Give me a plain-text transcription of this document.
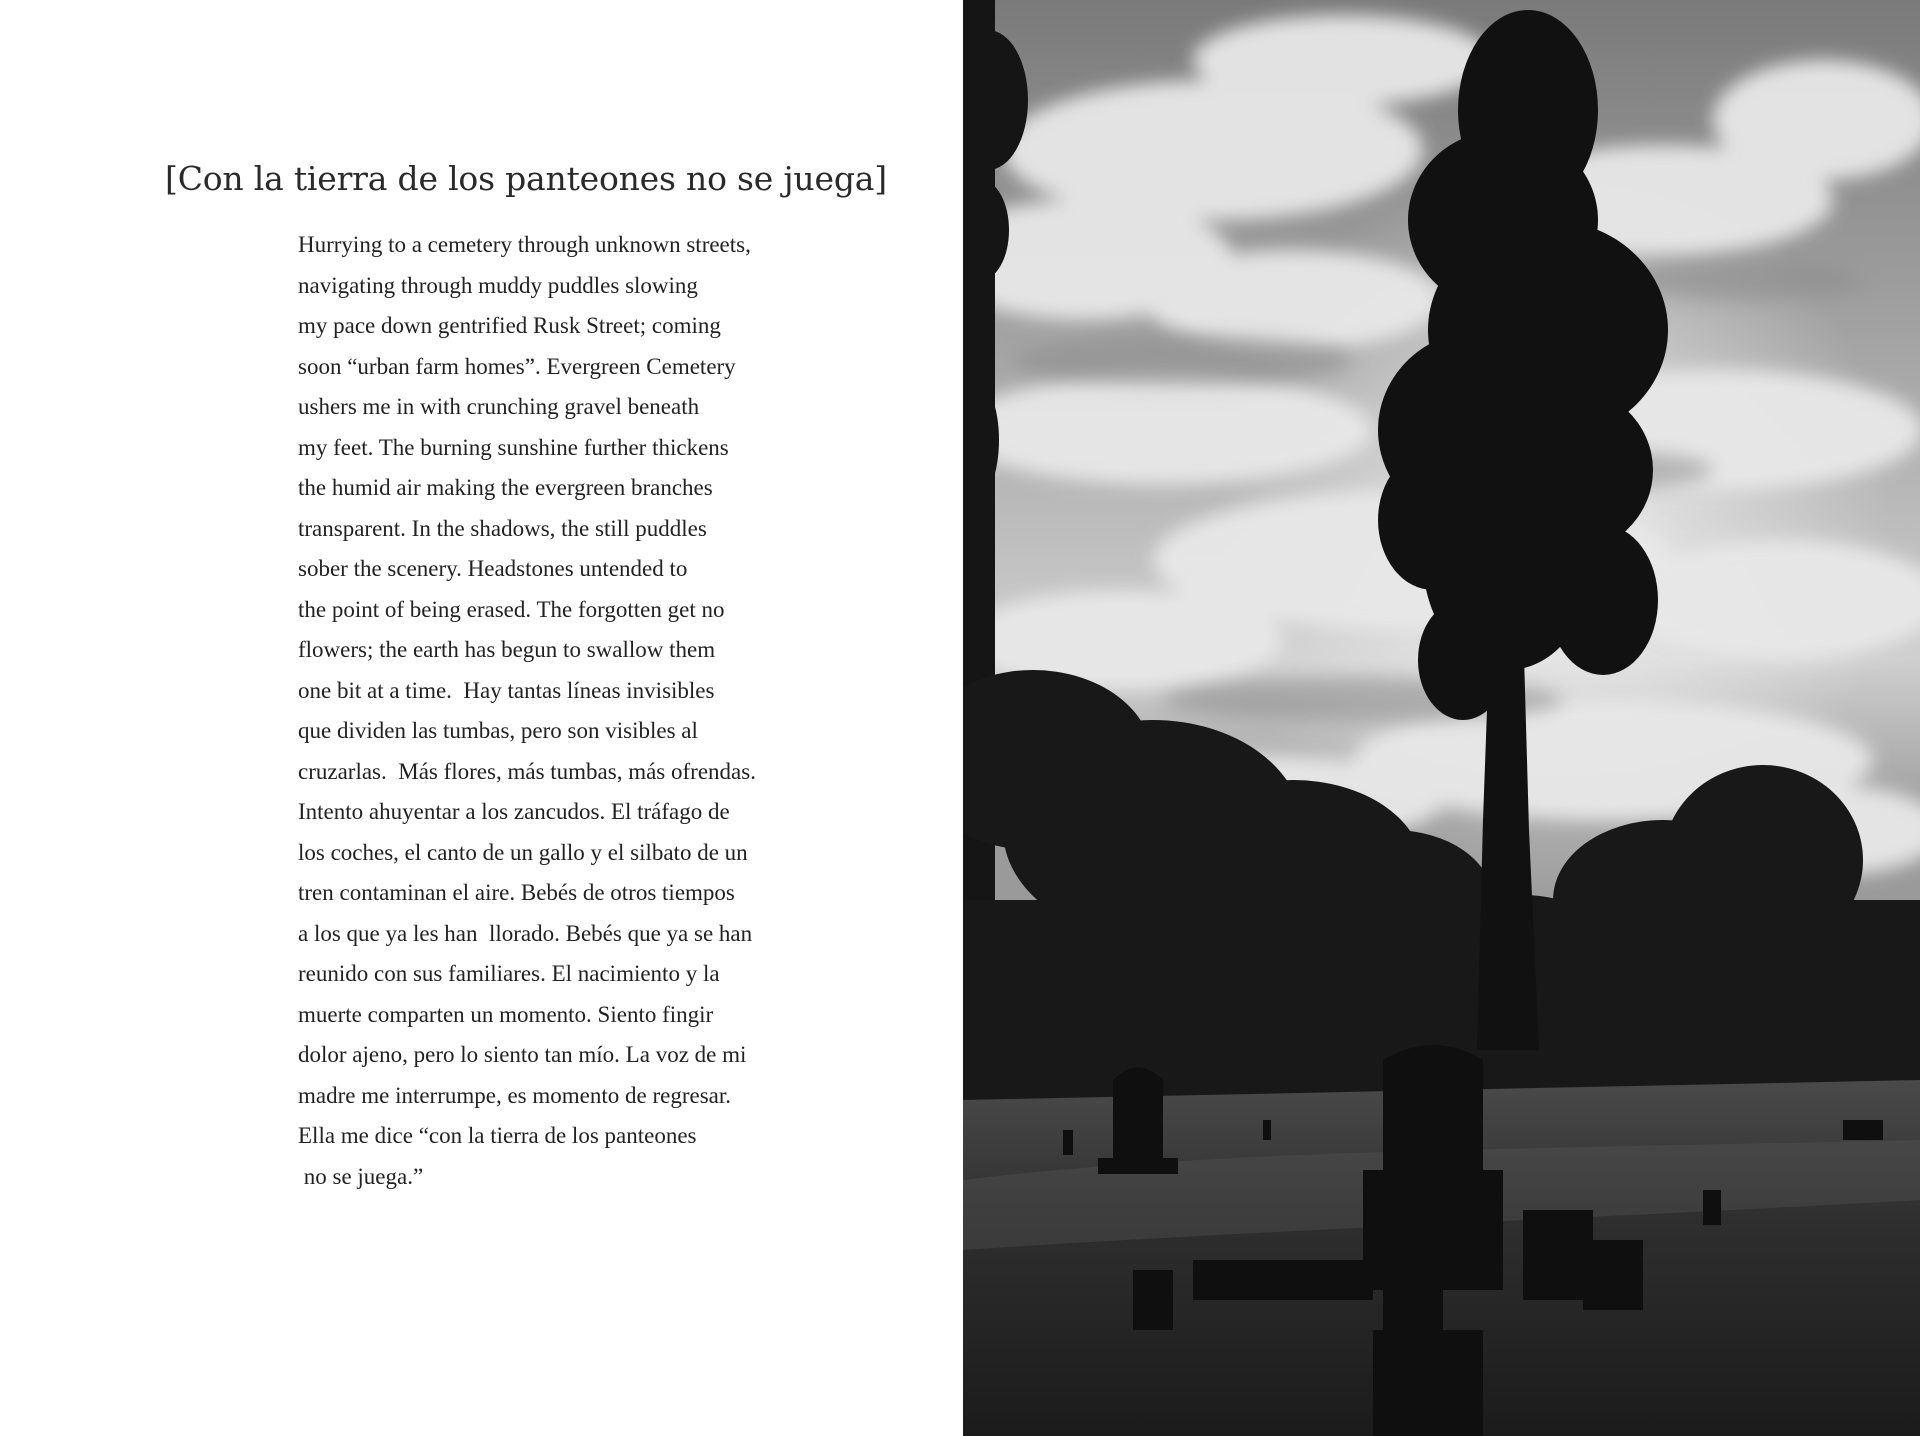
[Con la tierra de los panteones no se juega]
Hurrying to a cemetery through unknown streets,
navigating through muddy puddles slowing
my pace down gentrified Rusk Street; coming
soon “urban farm homes”. Evergreen Cemetery
ushers me in with crunching gravel beneath
my feet. The burning sunshine further thickens
the humid air making the evergreen branches
transparent. In the shadows, the still puddles
sober the scenery. Headstones untended to
the point of being erased. The forgotten get no
flowers; the earth has begun to swallow them
one bit at a time.  Hay tantas líneas invisibles
que dividen las tumbas, pero son visibles al
cruzarlas.  Más flores, más tumbas, más ofrendas.
Intento ahuyentar a los zancudos. El tráfago de
los coches, el canto de un gallo y el silbato de un
tren contaminan el aire. Bebés de otros tiempos
a los que ya les han  llorado. Bebés que ya se han
reunido con sus familiares. El nacimiento y la
muerte comparten un momento. Siento fingir
dolor ajeno, pero lo siento tan mío. La voz de mi
madre me interrumpe, es momento de regresar.
Ella me dice “con la tierra de los panteones
no se juega.”
